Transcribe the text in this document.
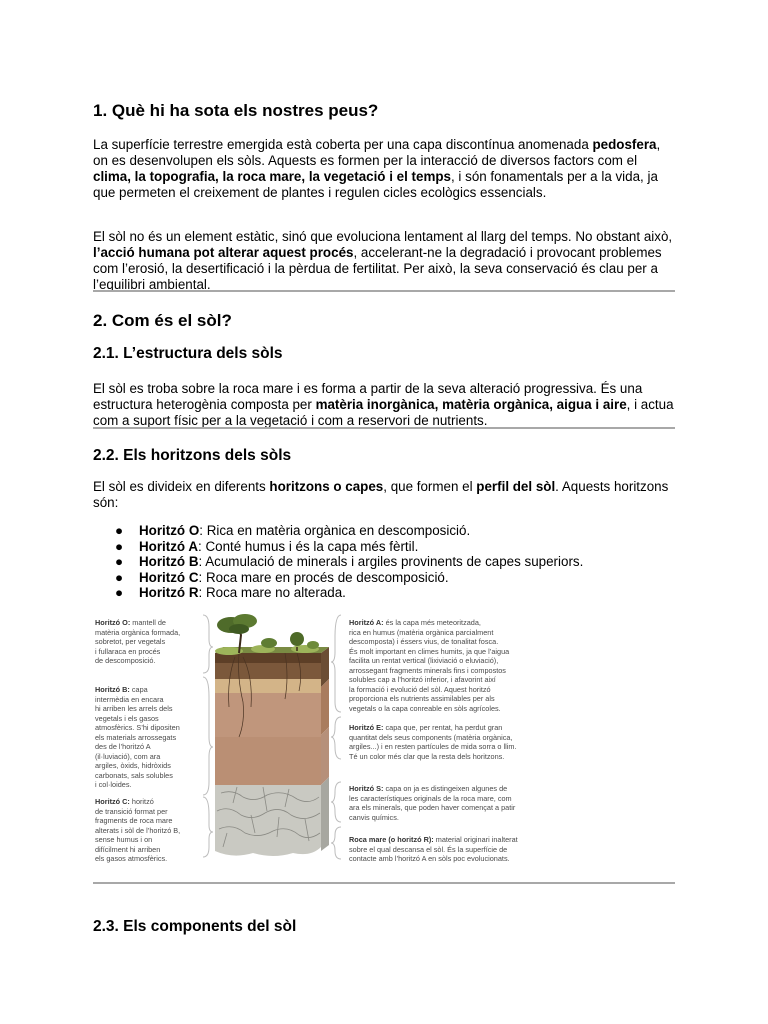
1. Què hi ha sota els nostres peus?

La superfície terrestre emergida està coberta per una capa discontínua anomenada pedosfera, on es desenvolupen els sòls. Aquests es formen per la interacció de diversos factors com el clima, la topografia, la roca mare, la vegetació i el temps, i són fonamentals per a la vida, ja que permeten el creixement de plantes i regulen cicles ecològics essencials.

El sòl no és un element estàtic, sinó que evoluciona lentament al llarg del temps. No obstant això, l’acció humana pot alterar aquest procés, accelerant-ne la degradació i provocant problemes com l’erosió, la desertificació i la pèrdua de fertilitat. Per això, la seva conservació és clau per a l’equilibri ambiental.

2. Com és el sòl?
2.1. L’estructura dels sòls

El sòl es troba sobre la roca mare i es forma a partir de la seva alteració progressiva. És una estructura heterogènia composta per matèria inorgànica, matèria orgànica, aigua i aire, i actua com a suport físic per a la vegetació i com a reservori de nutrients.

2.2. Els horitzons dels sòls

El sòl es divideix en diferents horitzons o capes, que formen el perfil del sòl. Aquests horitzons són:

● Horitzó O: Rica en matèria orgànica en descomposició.
● Horitzó A: Conté humus i és la capa més fèrtil.
● Horitzó B: Acumulació de minerals i argiles provinents de capes superiors.
● Horitzó C: Roca mare en procés de descomposició.
● Horitzó R: Roca mare no alterada.
Horitzó O: mantell de
matèria orgànica formada,
sobretot, per vegetals
i fullaraca en procés
de descomposició.
Horitzó B: capa
intermèdia en encara
hi arriben les arrels dels
vegetals i els gasos
atmosfèrics. S’hi dipositen
els materials arrossegats
des de l’horitzó A
(il·luviació), com ara
argiles, òxids, hidròxids
carbonats, sals solubles
i col·loides.
Horitzó C: horitzó
de transició format per
fragments de roca mare
alterats i sòl de l’horitzó B,
sense humus i on
difícilment hi arriben
els gasos atmosfèrics.
Horitzó A: és la capa més meteoritzada,
rica en humus (matèria orgànica parcialment
descomposta) i éssers vius, de tonalitat fosca.
És molt important en climes humits, ja que l’aigua
facilita un rentat vertical (lixiviació o eluviació),
arrossegant fragments minerals fins i compostos
solubles cap a l’horitzó inferior, i afavorint així
la formació i evolució del sòl. Aquest horitzó
proporciona els nutrients assimilables per als
vegetals o la capa conreable en sòls agrícoles.
Horitzó E: capa que, per rentat, ha perdut gran
quantitat dels seus components (matèria orgànica,
argiles...) i en resten partícules de mida sorra o llim.
Té un color més clar que la resta dels horitzons.
Horitzó S: capa on ja es distingeixen algunes de
les característiques originals de la roca mare, com
ara els minerals, que poden haver començat a patir
canvis químics.
Roca mare (o horitzó R): material originari inalterat
sobre el qual descansa el sòl. És la superfície de
contacte amb l’horitzó A en sòls poc evolucionats.
2.3. Els components del sòl
